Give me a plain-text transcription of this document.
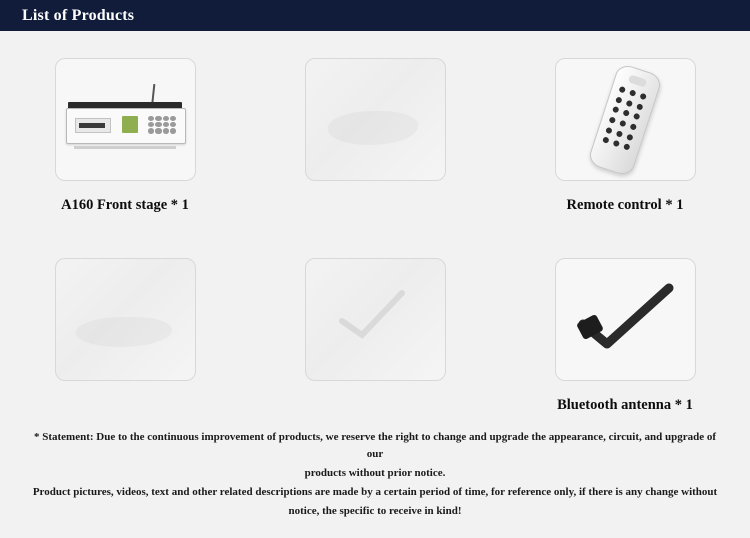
List of Products
A160 Front stage * 1	Remote control * 1
Bluetooth antenna * 1

* Statement: Due to the continuous improvement of products, we reserve the right to change and upgrade the appearance, circuit, and upgrade of our

products without prior notice.

Product pictures, videos, text and other related descriptions are made by a certain period of time, for reference only, if there is any change without

notice, the specific to receive in kind!
